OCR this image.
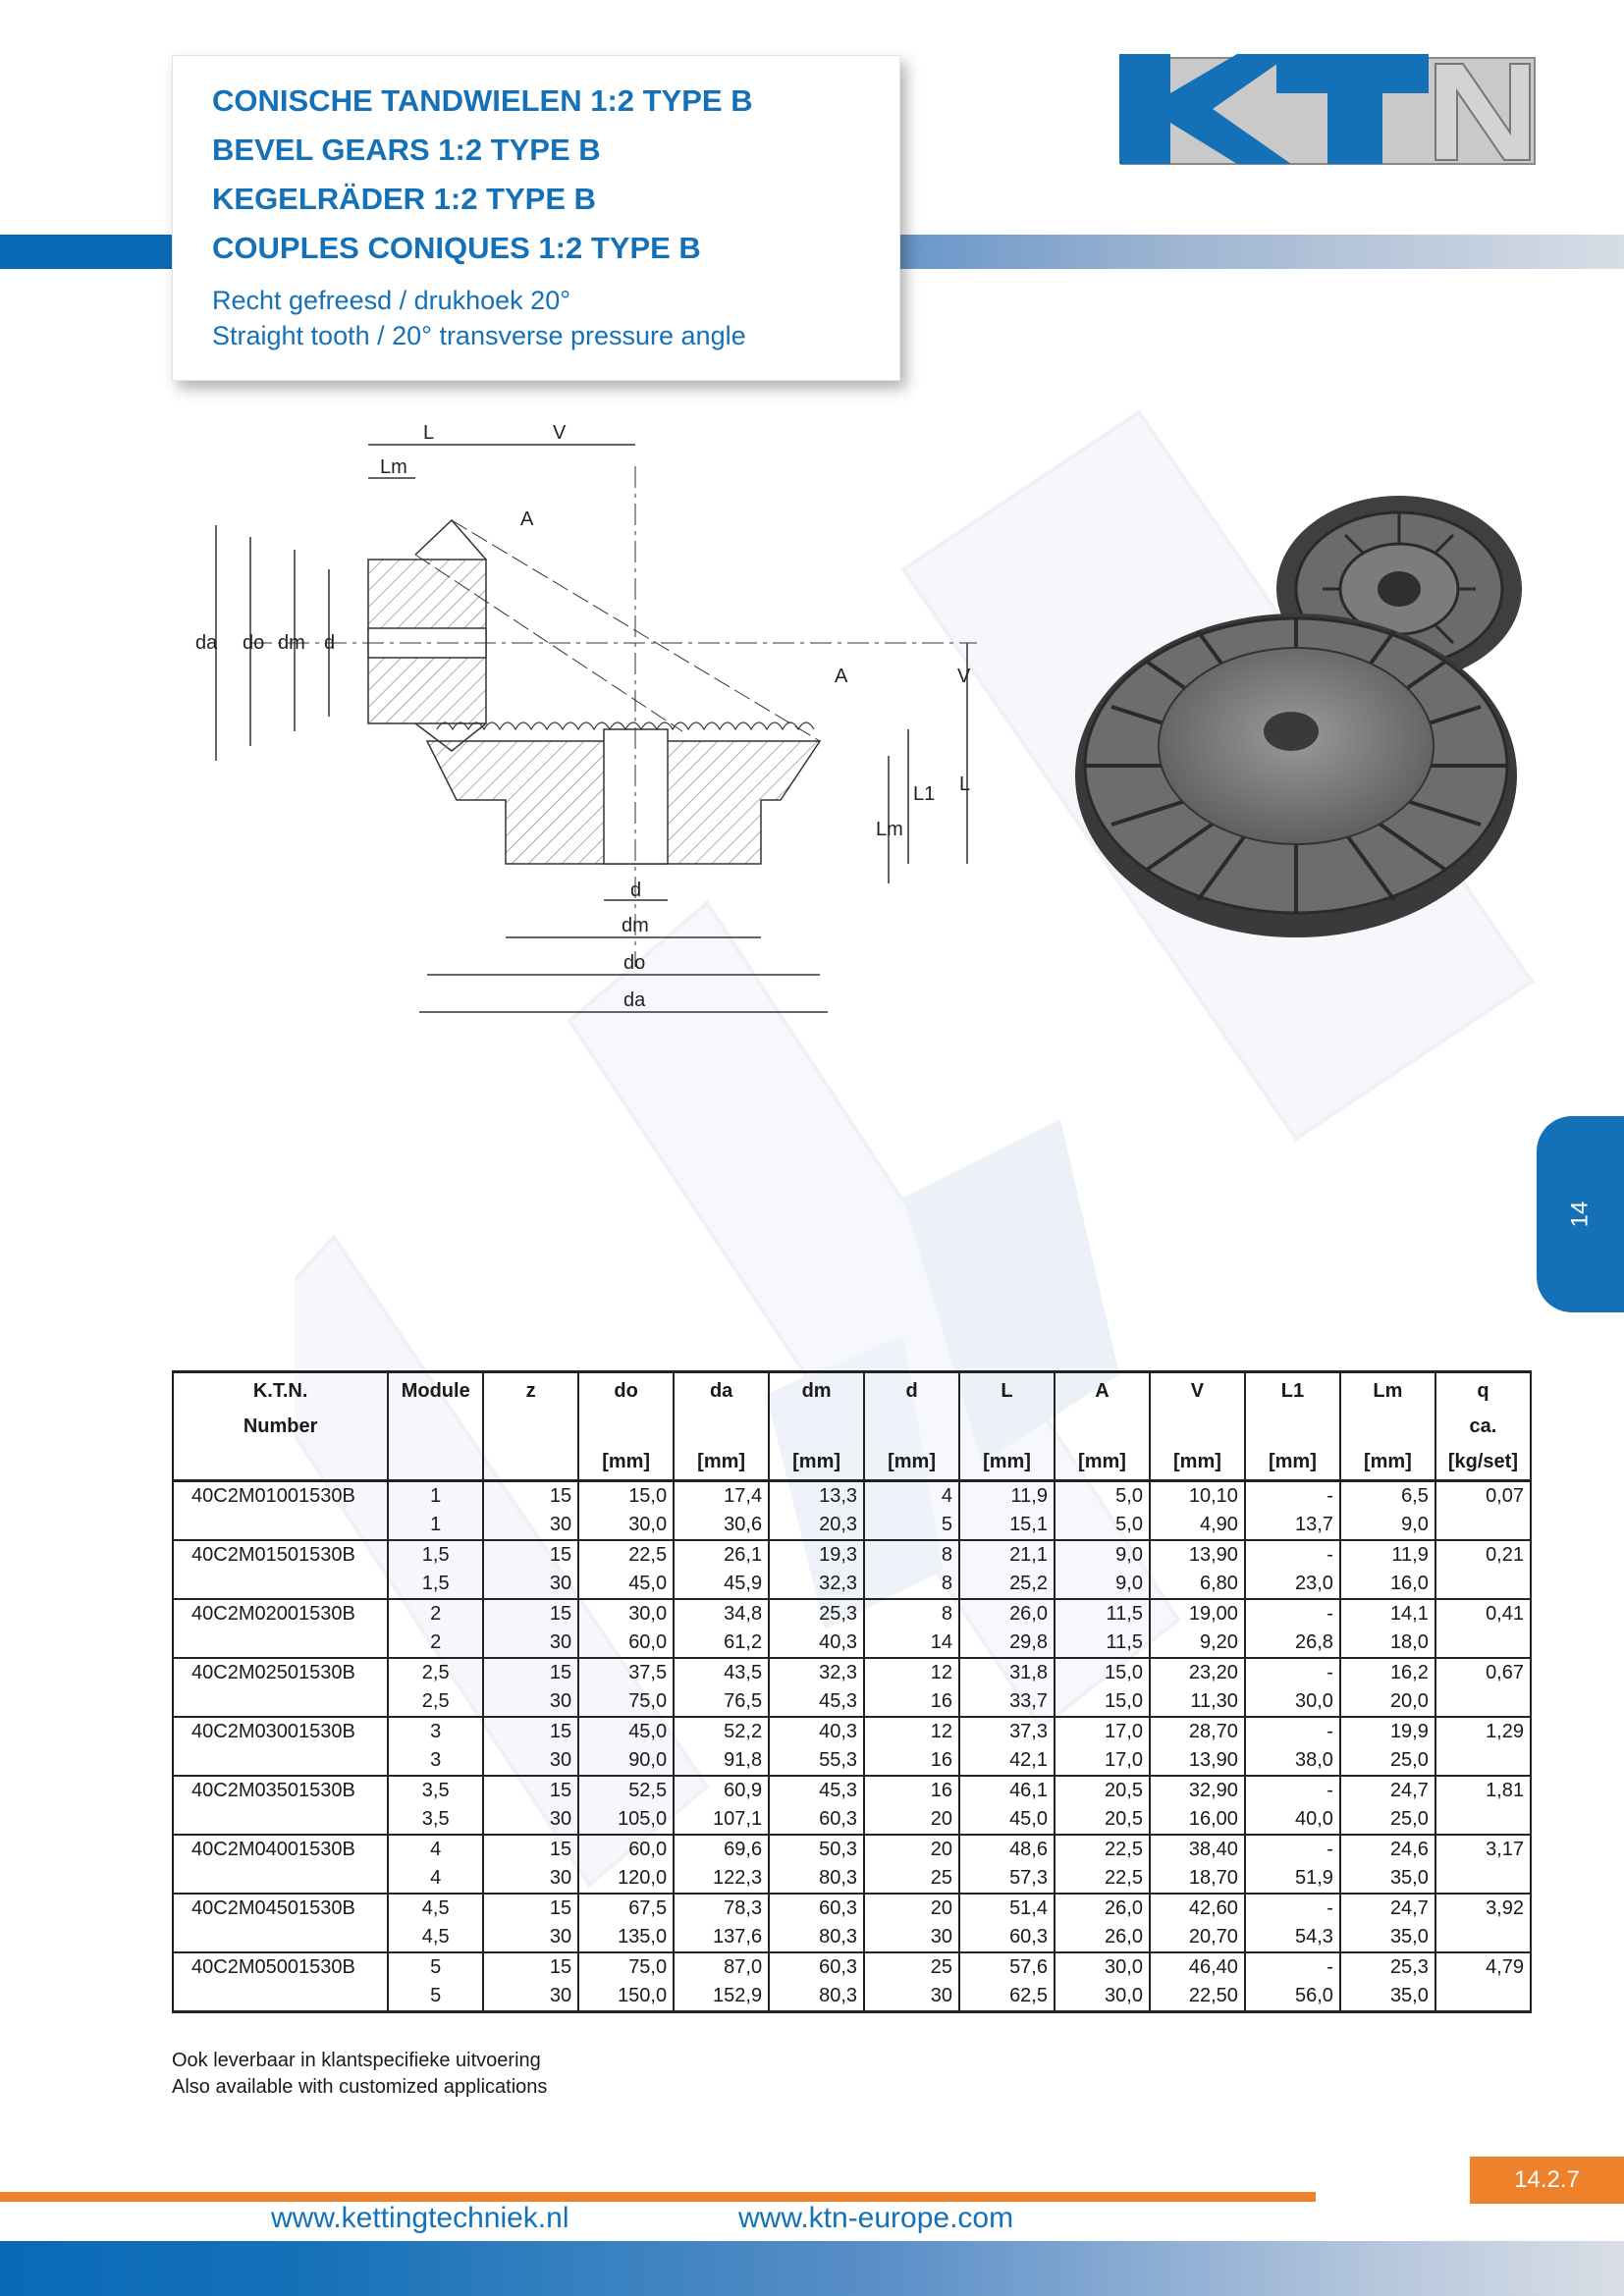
CONISCHE TANDWIELEN 1:2 TYPE B
BEVEL GEARS 1:2 TYPE B
KEGELRÄDER 1:2 TYPE B
COUPLES CONIQUES 1:2 TYPE B
Recht gefreesd / drukhoek 20°
Straight tooth / 20° transverse pressure angle
L	V
Lm
A
A
da do dm d
V
L1 L
Lm
d
dm
do
da
14
K.T.N.	Module	z	do	da	dm	d	L	A	V	L1	Lm	q
Number												ca.
			[mm]	[mm]	[mm]	[mm]	[mm]	[mm]	[mm]	[mm]	[mm]	[kg/set]
40C2M01001530B	1	15	15,0	17,4	13,3	4	11,9	5,0	10,10	-	6,5	0,07
	1	30	30,0	30,6	20,3	5	15,1	5,0	4,90	13,7	9,0	
40C2M01501530B	1,5	15	22,5	26,1	19,3	8	21,1	9,0	13,90	-	11,9	0,21
	1,5	30	45,0	45,9	32,3	8	25,2	9,0	6,80	23,0	16,0	
40C2M02001530B	2	15	30,0	34,8	25,3	8	26,0	11,5	19,00	-	14,1	0,41
	2	30	60,0	61,2	40,3	14	29,8	11,5	9,20	26,8	18,0	
40C2M02501530B	2,5	15	37,5	43,5	32,3	12	31,8	15,0	23,20	-	16,2	0,67
	2,5	30	75,0	76,5	45,3	16	33,7	15,0	11,30	30,0	20,0	
40C2M03001530B	3	15	45,0	52,2	40,3	12	37,3	17,0	28,70	-	19,9	1,29
	3	30	90,0	91,8	55,3	16	42,1	17,0	13,90	38,0	25,0	
40C2M03501530B	3,5	15	52,5	60,9	45,3	16	46,1	20,5	32,90	-	24,7	1,81
	3,5	30	105,0	107,1	60,3	20	45,0	20,5	16,00	40,0	25,0	
40C2M04001530B	4	15	60,0	69,6	50,3	20	48,6	22,5	38,40	-	24,6	3,17
	4	30	120,0	122,3	80,3	25	57,3	22,5	18,70	51,9	35,0	
40C2M04501530B	4,5	15	67,5	78,3	60,3	20	51,4	26,0	42,60	-	24,7	3,92
	4,5	30	135,0	137,6	80,3	30	60,3	26,0	20,70	54,3	35,0	
40C2M05001530B	5	15	75,0	87,0	60,3	25	57,6	30,0	46,40	-	25,3	4,79
	5	30	150,0	152,9	80,3	30	62,5	30,0	22,50	56,0	35,0	
Ook leverbaar in klantspecifieke uitvoering
Also available with customized applications
14.2.7
www.kettingtechniek.nl	www.ktn-europe.com
